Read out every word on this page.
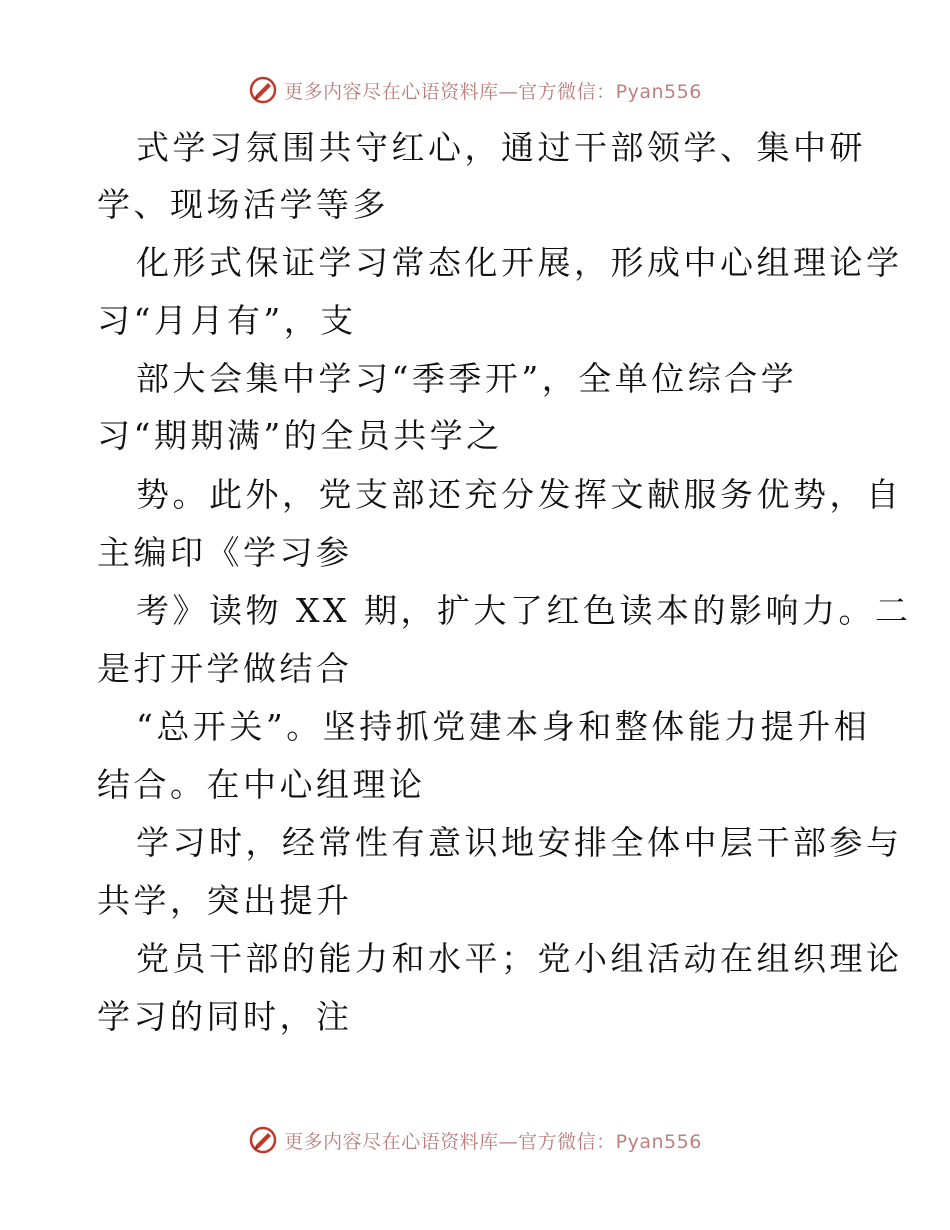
更多内容尽在心语资料库—官方微信：Pyan556
式学习氛围共守红心，通过干部领学、集中研
学、现场活学等多
化形式保证学习常态化开展，形成中心组理论学
习“月月有”，支
部大会集中学习“季季开”，全单位综合学
习“期期满”的全员共学之
势。此外，党支部还充分发挥文献服务优势，自
主编印《学习参
考》读物 XX 期，扩大了红色读本的影响力。二
是打开学做结合
“总开关”。坚持抓党建本身和整体能力提升相
结合。在中心组理论
学习时，经常性有意识地安排全体中层干部参与
共学，突出提升
党员干部的能力和水平；党小组活动在组织理论
学习的同时，注
更多内容尽在心语资料库—官方微信：Pyan556
